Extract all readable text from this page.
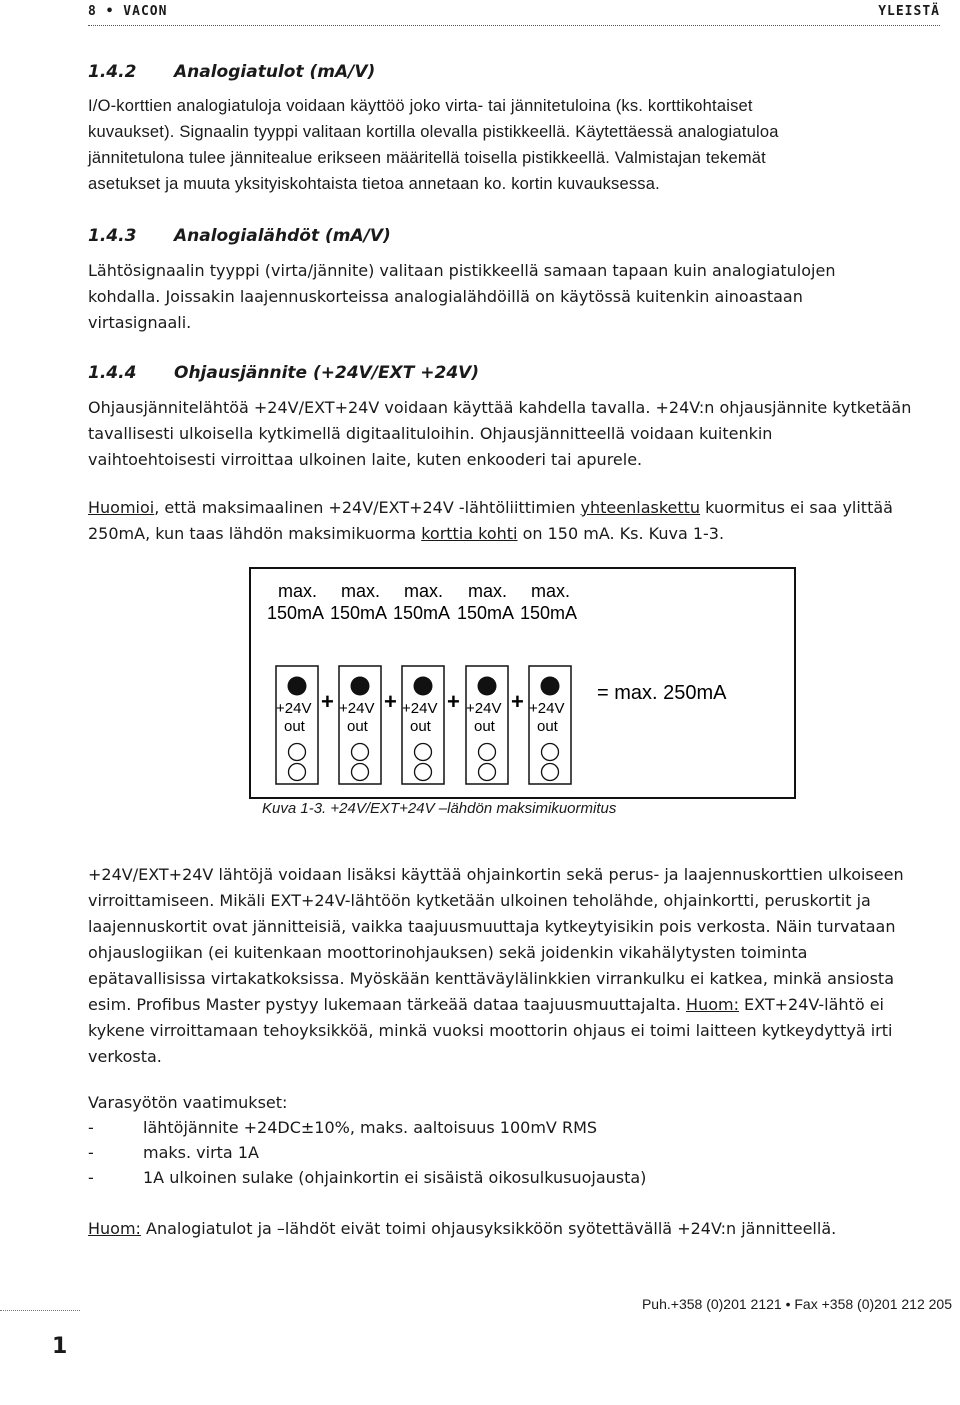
8 • VACON	YLEISTÄ
1.4.2 Analogiatulot (mA/V)
I/O-korttien analogiatuloja voidaan käyttöö joko virta- tai jännitetuloina (ks. korttikohtaiset
kuvaukset). Signaalin tyyppi valitaan kortilla olevalla pistikkeellä. Käytettäessä analogiatuloa
jännitetulona tulee jännitealue erikseen määritellä toisella pistikkeellä. Valmistajan tekemät
asetukset ja muuta yksityiskohtaista tietoa annetaan ko. kortin kuvauksessa.
1.4.3 Analogialähdöt (mA/V)
Lähtösignaalin tyyppi (virta/jännite) valitaan pistikkeellä samaan tapaan kuin analogiatulojen
kohdalla. Joissakin laajennuskorteissa analogialähdöillä on käytössä kuitenkin ainoastaan
virtasignaali.
1.4.4 Ohjausjännite (+24V/EXT +24V)
Ohjausjännitelähtöä +24V/EXT+24V voidaan käyttää kahdella tavalla. +24V:n ohjausjännite kytketään
tavallisesti ulkoisella kytkimellä digitaalituloihin. Ohjausjännitteellä voidaan kuitenkin
vaihtoehtoisesti virroittaa ulkoinen laite, kuten enkooderi tai apurele.
Huomioi, että maksimaalinen +24V/EXT+24V -lähtöliittimien yhteenlaskettu kuormitus ei saa ylittää
250mA, kun taas lähdön maksimikuorma korttia kohti on 150 mA. Ks. Kuva 1-3.
max. max. max. max. max.
150mA 150mA 150mA 150mA 150mA
+24V
out
+ +24V
out
+ +24V
out
+ +24V
out
+ +24V
out
= max. 250mA
Kuva 1-3. +24V/EXT+24V –lähdön maksimikuormitus
+24V/EXT+24V lähtöjä voidaan lisäksi käyttää ohjainkortin sekä perus- ja laajennuskorttien ulkoiseen
virroittamiseen. Mikäli EXT+24V-lähtöön kytketään ulkoinen teholähde, ohjainkortti, peruskortit ja
laajennuskortit ovat jännitteisiä, vaikka taajuusmuuttaja kytkeytyisikin pois verkosta. Näin turvataan
ohjauslogiikan (ei kuitenkaan moottorinohjauksen) sekä joidenkin vikahälytysten toiminta
epätavallisissa virtakatkoksissa. Myöskään kenttäväylälinkkien virrankulku ei katkea, minkä ansiosta
esim. Profibus Master pystyy lukemaan tärkeää dataa taajuusmuuttajalta. Huom: EXT+24V-lähtö ei
kykene virroittamaan tehoyksikköä, minkä vuoksi moottorin ohjaus ei toimi laitteen kytkeydyttyä irti
verkosta.
Varasyötön vaatimukset:
-	lähtöjännite +24DC±10%, maks. aaltoisuus 100mV RMS
-	maks. virta 1A
-	1A ulkoinen sulake (ohjainkortin ei sisäistä oikosulkusuojausta)
Huom: Analogiatulot ja –lähdöt eivät toimi ohjausyksikköön syötettävällä +24V:n jännitteellä.
Puh.+358 (0)201 2121 • Fax +358 (0)201 212 205
1
